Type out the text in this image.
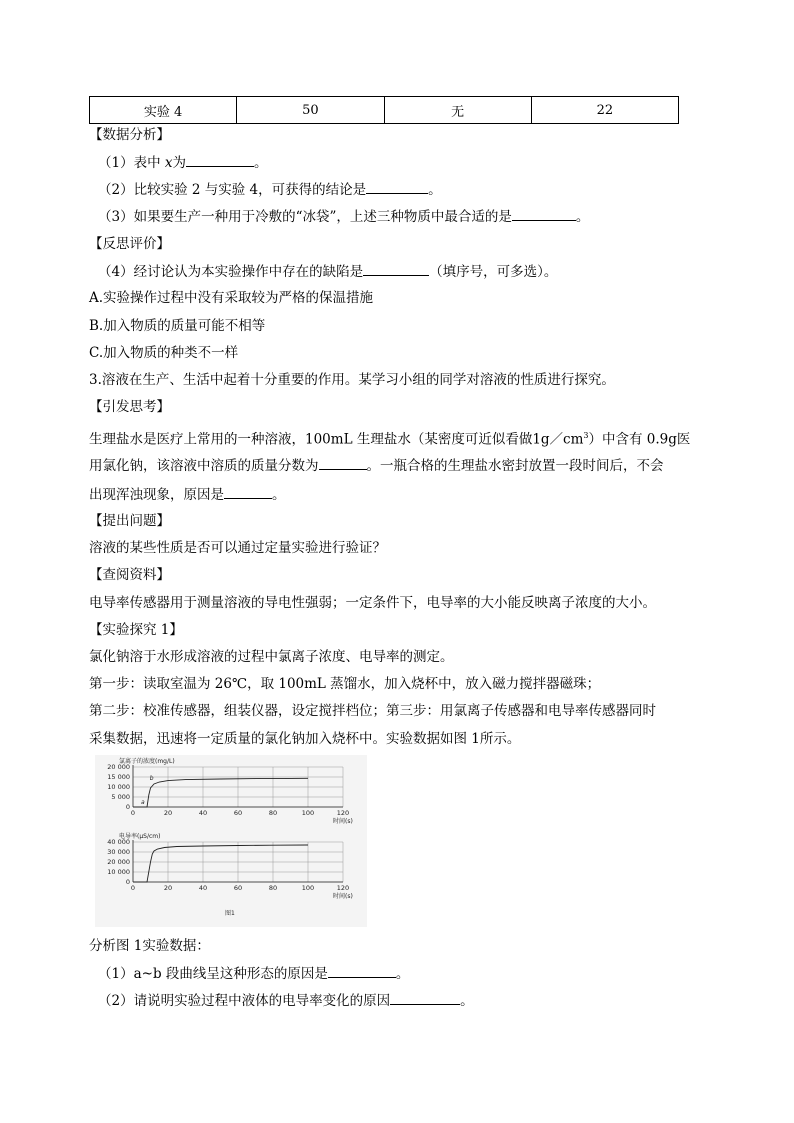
实验 4	50	无	22
【数据分析】
（1）表中 x为	。
（2）比较实验 2 与实验 4，可获得的结论是	。
（3）如果要生产一种用于冷敷的“冰袋”，上述三种物质中最合适的是	。
【反思评价】
（4）经讨论认为本实验操作中存在的缺陷是	（填序号，可多选）。
A.实验操作过程中没有采取较为严格的保温措施
B.加入物质的质量可能不相等
C.加入物质的种类不一样
3.溶液在生产、生活中起着十分重要的作用。某学习小组的同学对溶液的性质进行探究。
【引发思考】
生理盐水是医疗上常用的一种溶液，100mL 生理盐水（某密度可近似看做$1g/cm^3$）中含有 0.9g医
用氯化钠，该溶液中溶质的质量分数为	。一瓶合格的生理盐水密封放置一段时间后，不会
出现浑浊现象，原因是	。
【提出问题】
溶液的某些性质是否可以通过定量实验进行验证？
【查阅资料】
电导率传感器用于测量溶液的导电性强弱；一定条件下，电导率的大小能反映离子浓度的大小。
【实验探究 1】
氯化钠溶于水形成溶液的过程中氯离子浓度、电导率的测定。
第一步：读取室温为 26℃，取 100mL 蒸馏水，加入烧杯中，放入磁力搅拌器磁珠；
第二步：校准传感器，组装仪器，设定搅拌档位；第三步：用氯离子传感器和电导率传感器同时
采集数据，迅速将一定质量的氯化钠加入烧杯中。实验数据如图 1所示。
氯离子的浓度(mg/L)
0
5 000
10 000
15 000
20 000
0	20	40	60	80	100	120
时间(s)
a
b
电导率(μS/cm)
0
10 000
20 000
30 000
40 000
0	20	40	60	80	100	120
时间(s)
图1
分析图 1实验数据：
（1）a~b 段曲线呈这种形态的原因是	。
（2）请说明实验过程中液体的电导率变化的原因	。
